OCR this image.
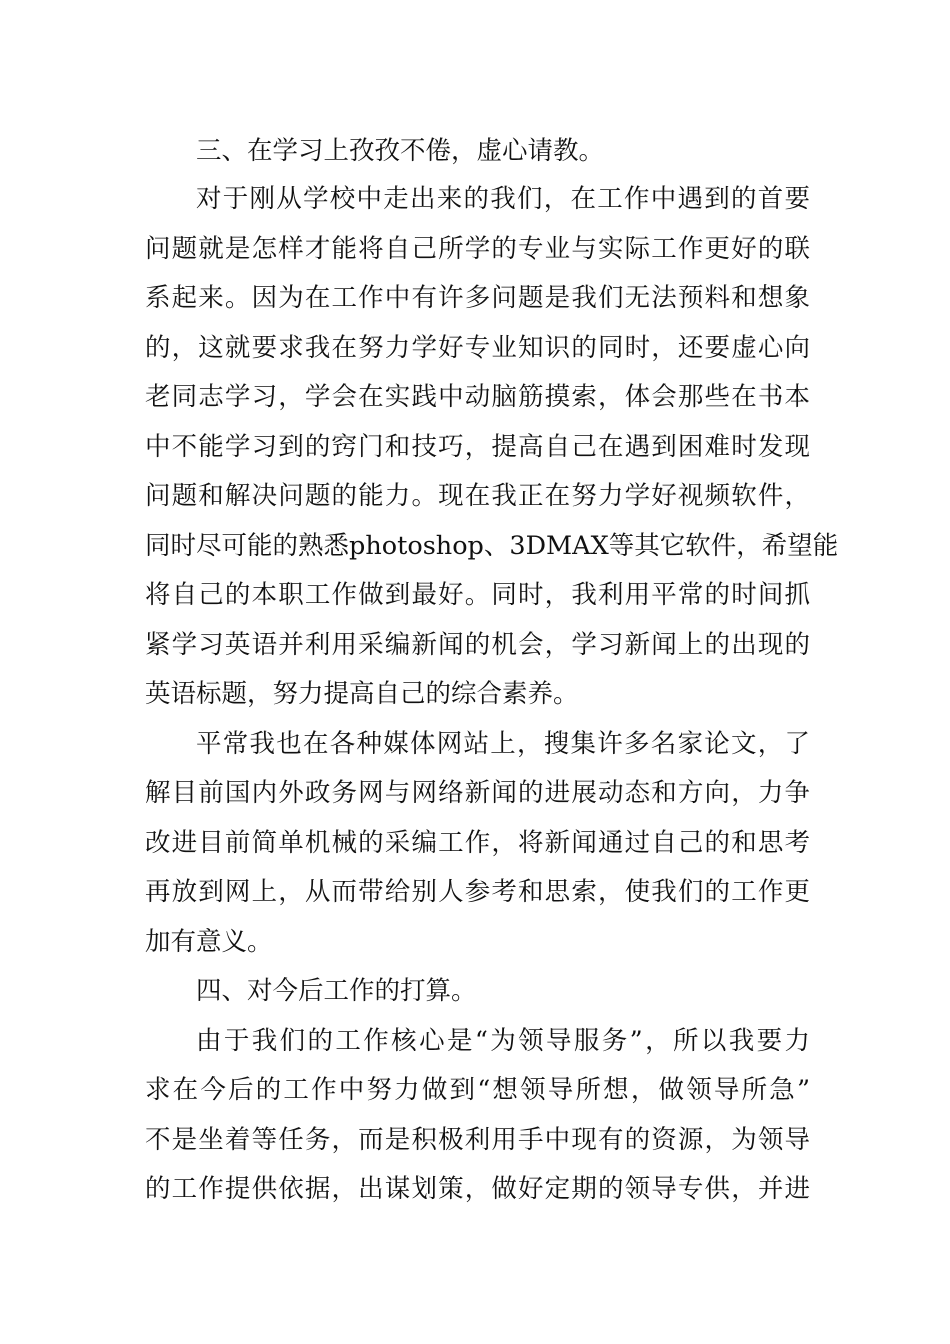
三、在学习上孜孜不倦，虚心请教。
对于刚从学校中走出来的我们，在工作中遇到的首要
问题就是怎样才能将自己所学的专业与实际工作更好的联
系起来。因为在工作中有许多问题是我们无法预料和想象
的，这就要求我在努力学好专业知识的同时，还要虚心向
老同志学习，学会在实践中动脑筋摸索，体会那些在书本
中不能学习到的窍门和技巧，提高自己在遇到困难时发现
问题和解决问题的能力。现在我正在努力学好视频软件，
同时尽可能的熟悉photoshop、3DMAX等其它软件，希望能
将自己的本职工作做到最好。同时，我利用平常的时间抓
紧学习英语并利用采编新闻的机会，学习新闻上的出现的
英语标题，努力提高自己的综合素养。
平常我也在各种媒体网站上，搜集许多名家论文，了
解目前国内外政务网与网络新闻的进展动态和方向，力争
改进目前简单机械的采编工作，将新闻通过自己的和思考
再放到网上，从而带给别人参考和思索，使我们的工作更
加有意义。
四、对今后工作的打算。
由于我们的工作核心是“为领导服务”，所以我要力
求在今后的工作中努力做到“想领导所想，做领导所急”
不是坐着等任务，而是积极利用手中现有的资源，为领导
的工作提供依据，出谋划策，做好定期的领导专供，并进
